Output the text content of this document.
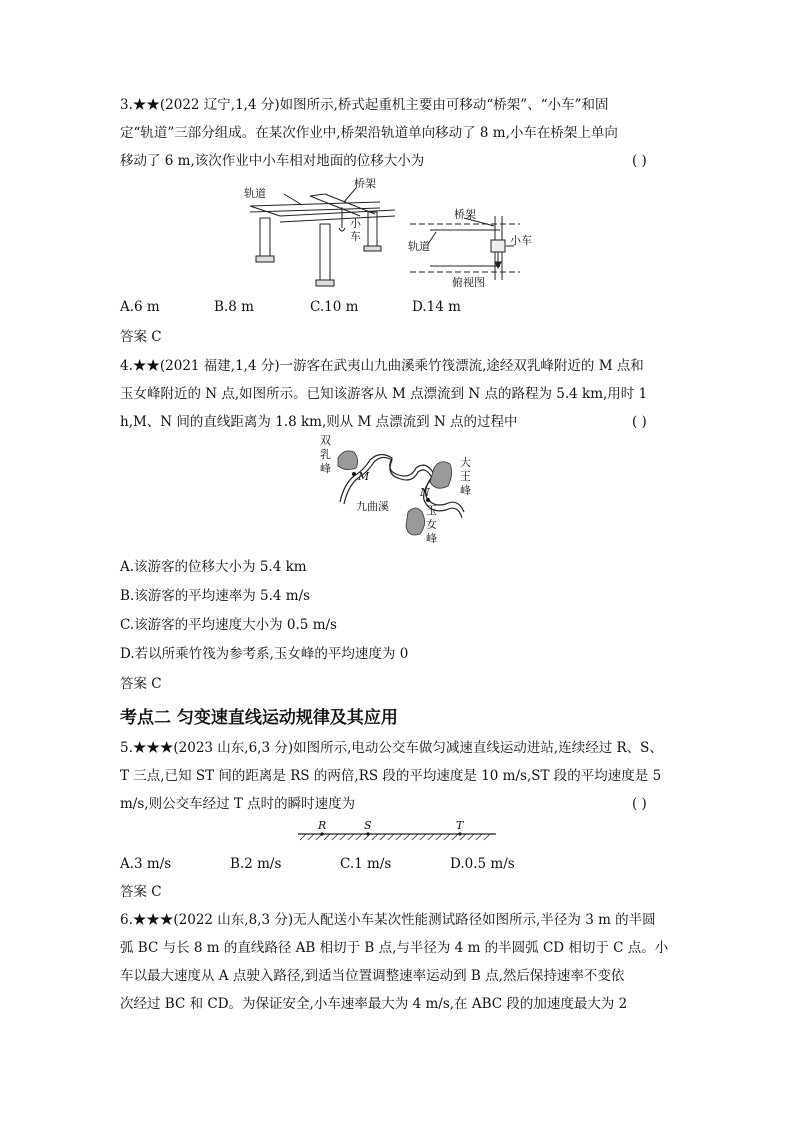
3.★★(2022 辽宁,1,4 分)如图所示,桥式起重机主要由可移动“桥架”、“小车”和固
定“轨道”三部分组成。在某次作业中,桥架沿轨道单向移动了 8 m,小车在桥架上单向
移动了 6 m,该次作业中小车相对地面的位移大小为	( )
轨道
桥架
小
车
桥架
小车
轨道
俯视图
A.6 m	B.8 m	C.10 m	D.14 m
答案 C
4.★★(2021 福建,1,4 分)一游客在武夷山九曲溪乘竹筏漂流,途经双乳峰附近的 M 点和
玉女峰附近的 N 点,如图所示。已知该游客从 M 点漂流到 N 点的路程为 5.4 km,用时 1
h,M、N 间的直线距离为 1.8 km,则从 M 点漂流到 N 点的过程中	( )
双
乳
峰	大
王
峰
玉
女
峰
九曲溪
M
N
A.该游客的位移大小为 5.4 km
B.该游客的平均速率为 5.4 m/s
C.该游客的平均速度大小为 0.5 m/s
D.若以所乘竹筏为参考系,玉女峰的平均速度为 0
答案 C
考点二 匀变速直线运动规律及其应用
5.★★★(2023 山东,6,3 分)如图所示,电动公交车做匀减速直线运动进站,连续经过 R、S、
T 三点,已知 ST 间的距离是 RS 的两倍,RS 段的平均速度是 10 m/s,ST 段的平均速度是 5
m/s,则公交车经过 T 点时的瞬时速度为	( )
R	S	T
A.3 m/s	B.2 m/s	C.1 m/s	D.0.5 m/s
答案 C
6.★★★(2022 山东,8,3 分)无人配送小车某次性能测试路径如图所示,半径为 3 m 的半圆
弧 BC 与长 8 m 的直线路径 AB 相切于 B 点,与半径为 4 m 的半圆弧 CD 相切于 C 点。小
车以最大速度从 A 点驶入路径,到适当位置调整速率运动到 B 点,然后保持速率不变依
次经过 BC 和 CD。为保证安全,小车速率最大为 4 m/s,在 ABC 段的加速度最大为 2
